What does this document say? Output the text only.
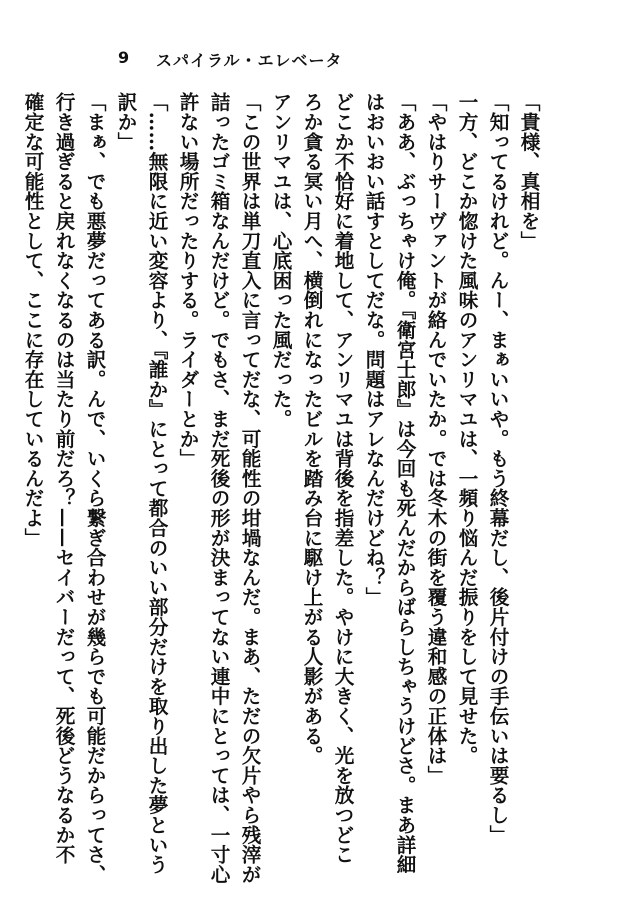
9 スパイラル・エレベータ
「貴様、真相を」
「知ってるけれど。んー、まぁいいや。もう終幕だし、後片付けの手伝いは要るし」
一方、どこか惚けた風味のアンリマユは、一頻り悩んだ振りをして見せた。
「やはりサーヴァントが絡んでいたか。では冬木の街を覆う違和感の正体は」
「ああ、ぶっちゃけ俺。『衛宮士郎』は今回も死んだからばらしちゃうけどさ。まあ詳細
はおいおい話すとしてだな。問題はアレなんだけどね？」
どこか不恰好に着地して、アンリマユは背後を指差した。やけに大きく、光を放つどこ
ろか貪る冥い月へ、横倒れになったビルを踏み台に駆け上がる人影がある。
アンリマユは、心底困った風だった。
「この世界は単刀直入に言ってだな、可能性の坩堝なんだ。まあ、ただの欠片やら残滓が
詰ったゴミ箱なんだけど。でもさ、まだ死後の形が決まってない連中にとっては、一寸心
許ない場所だったりする。ライダーとか」
「……無限に近い変容より、『誰か』にとって都合のいい部分だけを取り出した夢という
訳か」
「まぁ、でも悪夢だってある訳。んで、いくら繋ぎ合わせが幾らでも可能だからってさ、
行き過ぎると戻れなくなるのは当たり前だろ？——セイバーだって、死後どうなるか不
確定な可能性として、ここに存在しているんだよ」
